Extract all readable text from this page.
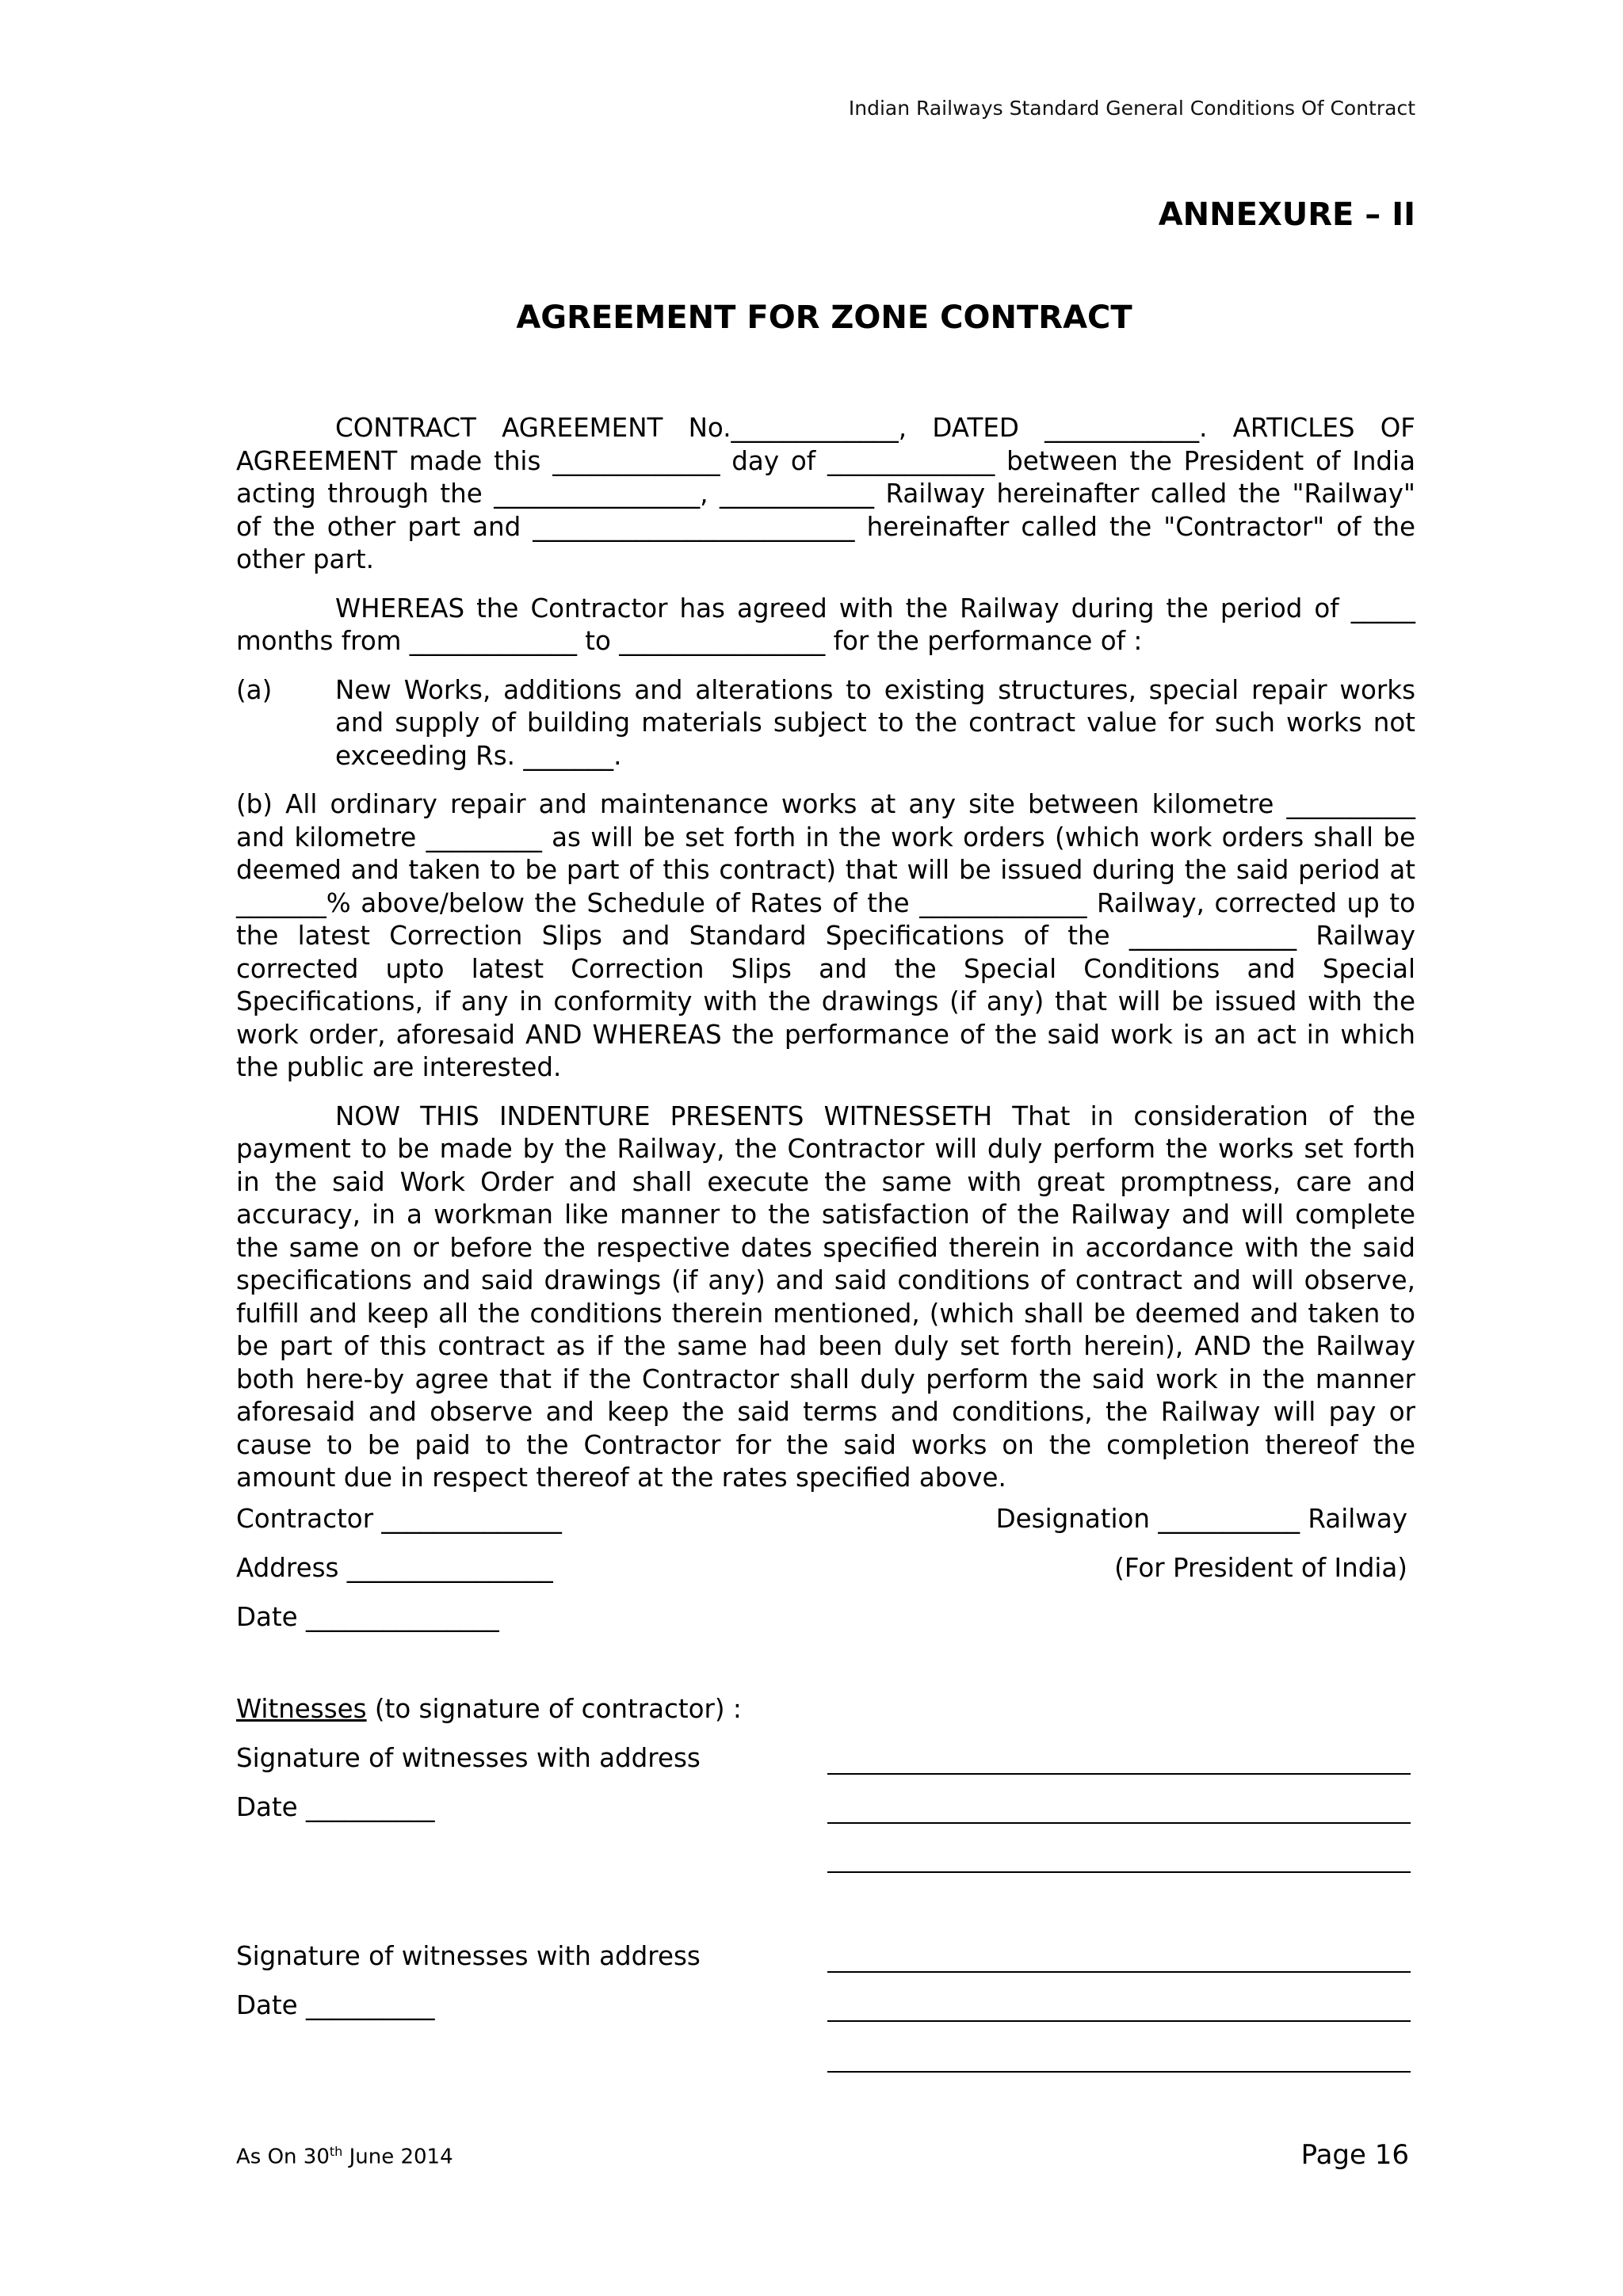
Indian Railways Standard General Conditions Of Contract
ANNEXURE – II
AGREEMENT FOR ZONE CONTRACT

CONTRACT AGREEMENT No._____________, DATED ____________. ARTICLES OF AGREEMENT made this _____________ day of _____________ between the President of India acting through the ________________, ____________ Railway hereinafter called the "Railway" of the other part and _________________________ hereinafter called the "Contractor" of the other part.

WHEREAS the Contractor has agreed with the Railway during the period of _____ months from _____________ to ________________ for the performance of :

(a)	New Works, additions and alterations to existing structures, special repair works and supply of building materials subject to the contract value for such works not exceeding Rs. _______.

(b) All ordinary repair and maintenance works at any site between kilometre __________ and kilometre _________ as will be set forth in the work orders (which work orders shall be deemed and taken to be part of this contract) that will be issued during the said period at _______% above/below the Schedule of Rates of the _____________ Railway, corrected up to the latest Correction Slips and Standard Specifications of the _____________ Railway corrected upto latest Correction Slips and the Special Conditions and Special Specifications, if any in conformity with the drawings (if any) that will be issued with the work order, aforesaid AND WHEREAS the performance of the said work is an act in which the public are interested.

NOW THIS INDENTURE PRESENTS WITNESSETH That in consideration of the payment to be made by the Railway, the Contractor will duly perform the works set forth in the said Work Order and shall execute the same with great promptness, care and accuracy, in a workman like manner to the satisfaction of the Railway and will complete the same on or before the respective dates specified therein in accordance with the said specifications and said drawings (if any) and said conditions of contract and will observe, fulfill and keep all the conditions therein mentioned, (which shall be deemed and taken to be part of this contract as if the same had been duly set forth herein), AND the Railway both here-by agree that if the Contractor shall duly perform the said work in the manner aforesaid and observe and keep the said terms and conditions, the Railway will pay or cause to be paid to the Contractor for the said works on the completion thereof the amount due in respect thereof at the rates specified above.

Contractor ______________	Designation ___________ Railway
Address ________________	(For President of India)
Date _______________
Witnesses (to signature of contractor) :
Signature of witnesses with address
Date __________
Signature of witnesses with address
Date __________
As On 30th June 2014	Page 16
